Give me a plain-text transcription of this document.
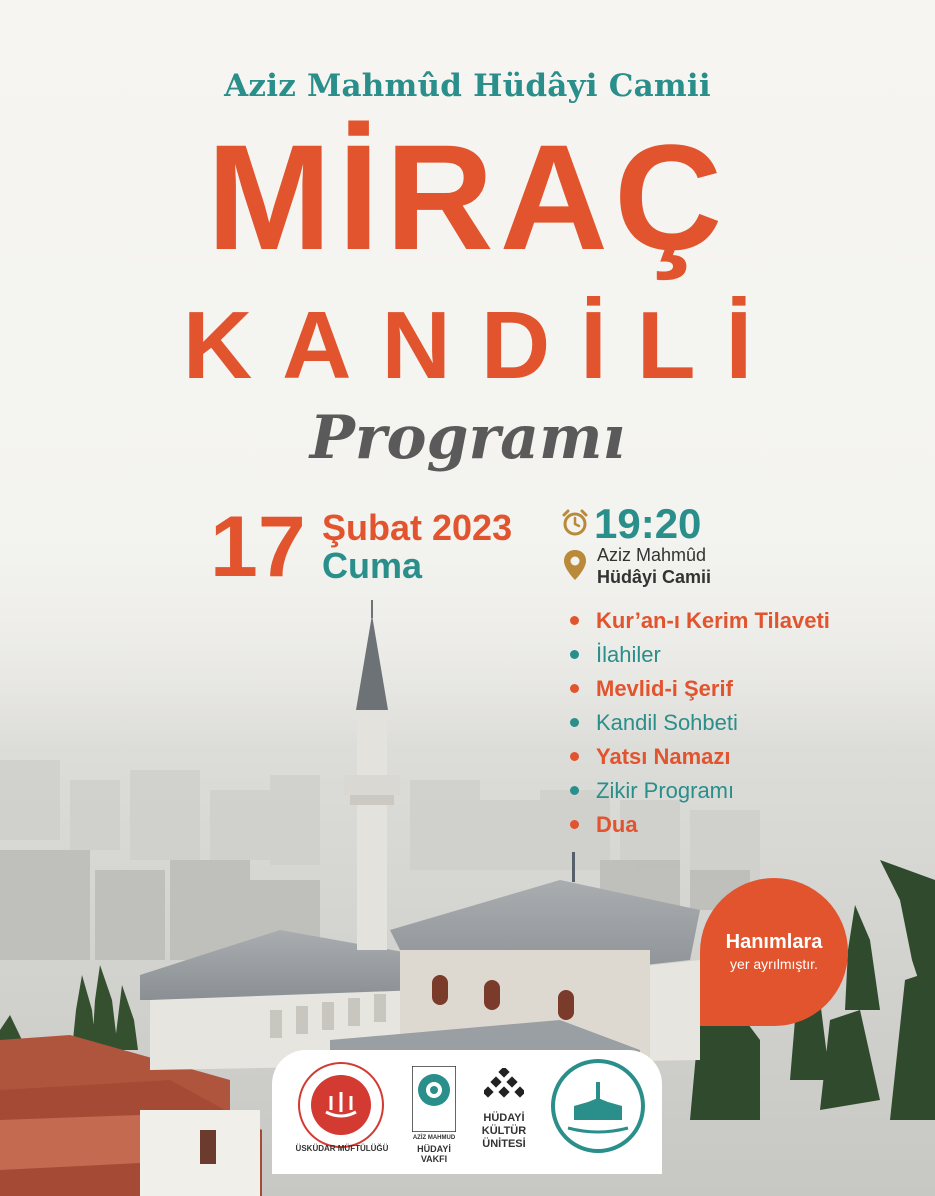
Aziz Mahmûd Hüdâyi Camii
MİRAÇ
KANDİLİ
Programı
17 Şubat 2023
Cuma
19:20
Aziz Mahmûd
Hüdâyi Camii
Kur’an-ı Kerim Tilaveti
İlahiler
Mevlid-i Şerif
Kandil Sohbeti
Yatsı Namazı
Zikir Programı
Dua
Hanımlara
yer ayrılmıştır.
ÜSKÜDAR MÜFTÜLÜĞÜ
AZİZ MAHMUD
HÜDAYİ VAKFI
HÜDAYİ KÜLTÜR ÜNİTESİ
